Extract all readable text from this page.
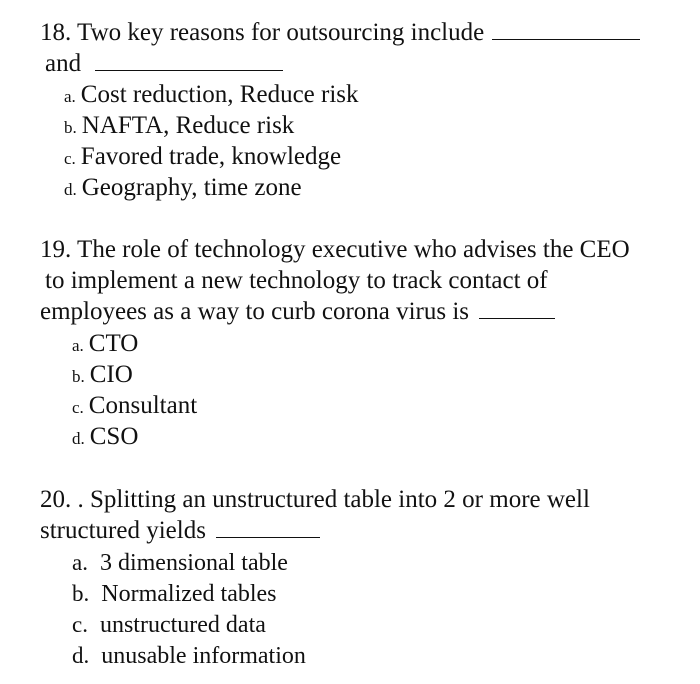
18. Two key reasons for outsourcing include
and
a. Cost reduction, Reduce risk
b. NAFTA, Reduce risk
c. Favored trade, knowledge
d. Geography, time zone
19. The role of technology executive who advises the CEO
to implement a new technology to track contact of
employees as a way to curb corona virus is
a. CTO
b. CIO
c. Consultant
d. CSO
20. . Splitting an unstructured table into 2 or more well
structured yields
a. 3 dimensional table
b. Normalized tables
c. unstructured data
d. unusable information
